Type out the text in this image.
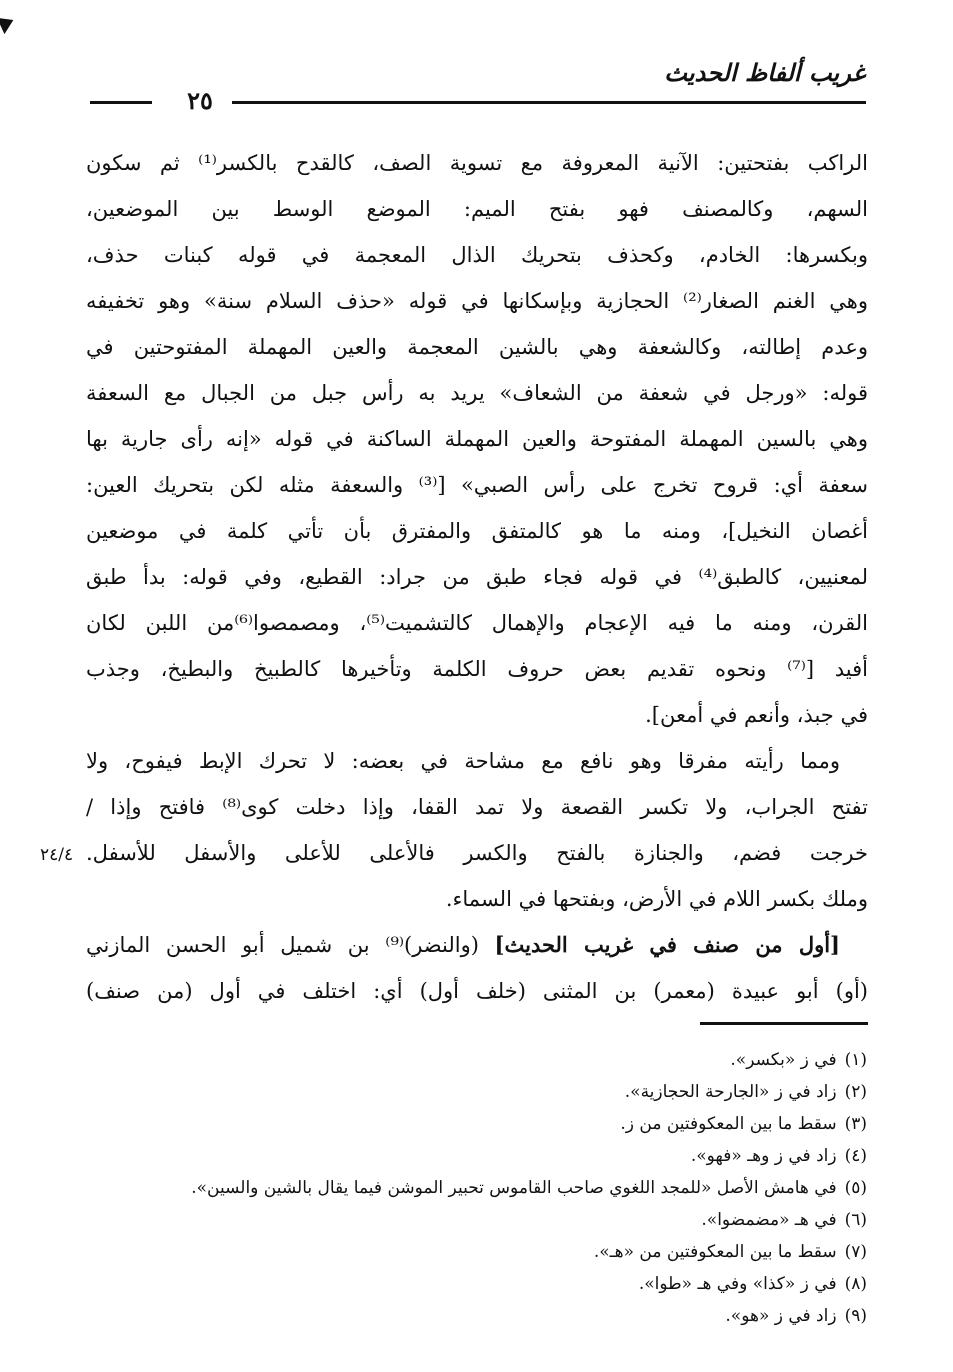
غريب ألفاظ الحديث
٢٥
الراكب بفتحتين: الآنية المعروفة مع تسوية الصف، كالقدح بالكسر⁽¹⁾ ثم سكون
السهم، وكالمصنف فهو بفتح الميم: الموضع الوسط بين الموضعين،
وبكسرها: الخادم، وكحذف بتحريك الذال المعجمة في قوله كبنات حذف،
وهي الغنم الصغار⁽²⁾ الحجازية وبإسكانها في قوله «حذف السلام سنة» وهو تخفيفه
وعدم إطالته، وكالشعفة وهي بالشين المعجمة والعين المهملة المفتوحتين في
قوله: «ورجل في شعفة من الشعاف» يريد به رأس جبل من الجبال مع السعفة
وهي بالسين المهملة المفتوحة والعين المهملة الساكنة في قوله «إنه رأى جارية بها
سعفة أي: قروح تخرج على رأس الصبي» [⁽³⁾ والسعفة مثله لكن بتحريك العين:
أغصان النخيل]، ومنه ما هو كالمتفق والمفترق بأن تأتي كلمة في موضعين
لمعنيين، كالطبق⁽⁴⁾ في قوله فجاء طبق من جراد: القطيع، وفي قوله: بدأ طبق
القرن، ومنه ما فيه الإعجام والإهمال كالتشميت⁽⁵⁾، ومصمصوا⁽⁶⁾من اللبن لكان
أفيد [⁽⁷⁾ ونحوه تقديم بعض حروف الكلمة وتأخيرها كالطبيخ والبطيخ، وجذب
في جبذ، وأنعم في أمعن].
ومما رأيته مفرقا وهو نافع مع مشاحة في بعضه: لا تحرك الإبط فيفوح، ولا
تفتح الجراب، ولا تكسر القصعة ولا تمد القفا، وإذا دخلت كوى⁽⁸⁾ فافتح وإذا /
خرجت فضم، والجنازة بالفتح والكسر فالأعلى للأعلى والأسفل للأسفل.
وملك بكسر اللام في الأرض، وبفتحها في السماء.
[أول من صنف في غريب الحديث] (والنضر)⁽⁹⁾ بن شميل أبو الحسن المازني
(أو) أبو عبيدة (معمر) بن المثنى (خلف أول) أي: اختلف في أول (من صنف)
٢٤/٤
(١)في ز «بكسر».
(٢)زاد في ز «الجارحة الحجازية».
(٣)سقط ما بين المعكوفتين من ز.
(٤)زاد في ز وهـ «فهو».
(٥)في هامش الأصل «للمجد اللغوي صاحب القاموس تحبير الموشن فيما يقال بالشين والسين».
(٦)في هـ «مضمضوا».
(٧)سقط ما بين المعكوفتين من «هـ».
(٨)في ز «كذا» وفي هـ «طوا».
(٩)زاد في ز «هو».
